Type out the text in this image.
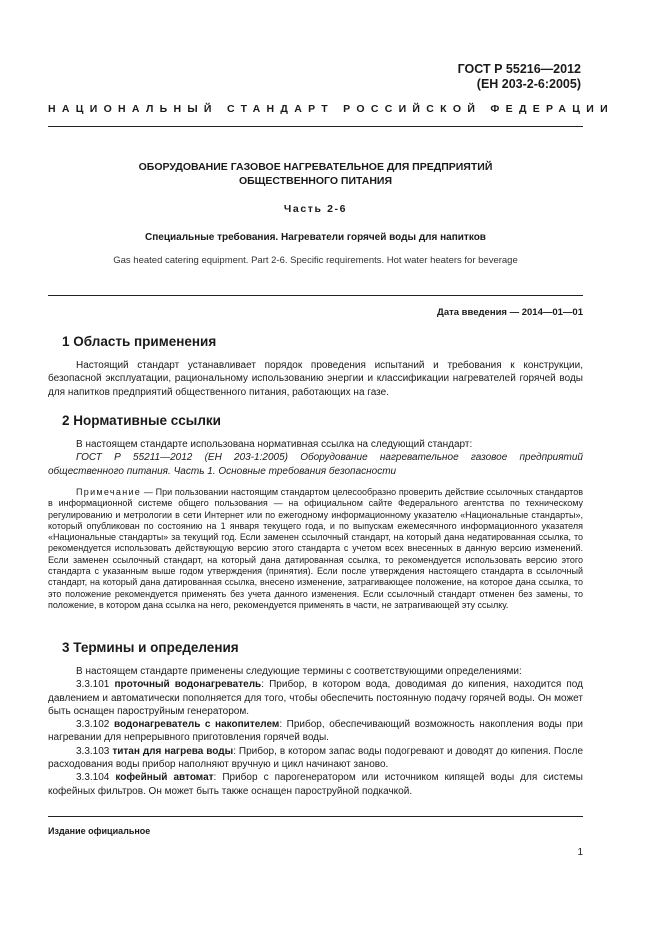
ГОСТ Р 55216—2012
(ЕН 203-2-6:2005)
НАЦИОНАЛЬНЫЙ СТАНДАРТ РОССИЙСКОЙ ФЕДЕРАЦИИ
ОБОРУДОВАНИЕ ГАЗОВОЕ НАГРЕВАТЕЛЬНОЕ ДЛЯ ПРЕДПРИЯТИЙ
ОБЩЕСТВЕННОГО ПИТАНИЯ
Часть 2-6
Специальные требования. Нагреватели горячей воды для напитков
Gas heated catering equipment. Part 2-6. Specific requirements. Hot water heaters for beverage
Дата введения — 2014—01—01
1 Область применения

Настоящий стандарт устанавливает порядок проведения испытаний и требования к конструкции, безопасной эксплуатации, рациональному использованию энергии и классификации нагревателей горячей воды для напитков предприятий общественного питания, работающих на газе.

2 Нормативные ссылки

В настоящем стандарте использована нормативная ссылка на следующий стандарт:

ГОСТ Р 55211—2012 (ЕН 203-1:2005) Оборудование нагревательное газовое предприятий общественного питания. Часть 1. Основные требования безопасности

Примечание — При пользовании настоящим стандартом целесообразно проверить действие ссылочных стандартов в информационной системе общего пользования — на официальном сайте Федерального агентства по техническому регулированию и метрологии в сети Интернет или по ежегодному информационному указателю «Национальные стандарты», который опубликован по состоянию на 1 января текущего года, и по выпускам ежемесячного информационного указателя «Национальные стандарты» за текущий год. Если заменен ссылочный стандарт, на который дана недатированная ссылка, то рекомендуется использовать действующую версию этого стандарта с учетом всех внесенных в данную версию изменений. Если заменен ссылочный стандарт, на который дана датированная ссылка, то рекомендуется использовать версию этого стандарта с указанным выше годом утверждения (принятия). Если после утверждения настоящего стандарта в ссылочный стандарт, на который дана датированная ссылка, внесено изменение, затрагивающее положение, на которое дана ссылка, то это положение рекомендуется применять без учета данного изменения. Если ссылочный стандарт отменен без замены, то положение, в котором дана ссылка на него, рекомендуется применять в части, не затрагивающей эту ссылку.

3 Термины и определения

В настоящем стандарте применены следующие термины с соответствующими определениями:

3.3.101 проточный водонагреватель: Прибор, в котором вода, доводимая до кипения, находится под давлением и автоматически пополняется для того, чтобы обеспечить постоянную подачу горячей воды. Он может быть оснащен пароструйным генератором.

3.3.102 водонагреватель с накопителем: Прибор, обеспечивающий возможность накопления воды при нагревании для непрерывного приготовления горячей воды.

3.3.103 титан для нагрева воды: Прибор, в котором запас воды подогревают и доводят до кипения. После расходования воды прибор наполняют вручную и цикл начинают заново.

3.3.104 кофейный автомат: Прибор с парогенератором или источником кипящей воды для системы кофейных фильтров. Он может быть также оснащен пароструйной подкачкой.

Издание официальное
1
